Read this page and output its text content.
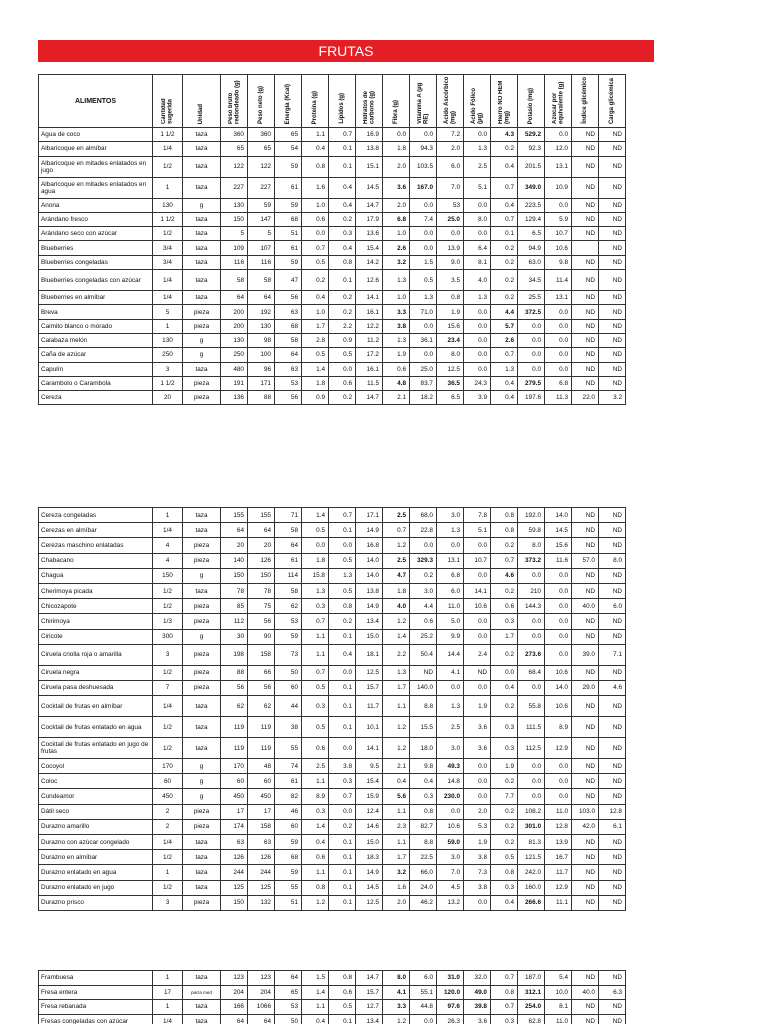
FRUTAS
ALIMENTOS	Cantidad sugerida	Unidad	Peso bruto redondeado (g)	Peso neto (g)	Energía (Kcal)	Proteína (g)	Lípidos (g)	Hidratos de carbono (g)	Fibra (g)	Vitamina A (µg RE)	Ácido Ascórbico (mg)	Ácido Fólico (µg)	Hierro NO HEM (mg)	Potasio (mg)	Azúcar por equivalente (g)	Índice glicémico	Carga glicémica
Agua de coco	1 1/2	taza	360	360	65	1.1	0.7	16.9	0.0	0.0	7.2	0.0	4.3	529.2	0.0	ND	ND
Albaricoque en almíbar	1/4	taza	65	65	54	0.4	0.1	13.8	1.8	94.3	2.0	1.3	0.2	92.3	12.0	ND	ND
Albaricoque en mitades enlatados en jugo	1/2	taza	122	122	59	0.8	0.1	15.1	2.0	103.5	6.0	2.5	0.4	201.5	13.1	ND	ND
Albaricoque en mitades enlatados en agua	1	taza	227	227	61	1.6	0.4	14.5	3.6	167.0	7.0	5.1	0.7	349.0	10.9	ND	ND
Anona	130	g	130	59	59	1.0	0.4	14.7	2.0	0.0	53	0.0	0.4	223.5	0.0	ND	ND
Arándano fresco	1 1/2	taza	150	147	68	0.6	0.2	17.9	6.8	7.4	25.0	8.0	0.7	129.4	5.9	ND	ND
Arándano seco con azúcar	1/2	taza	5	5	51	0.0	0.3	13.6	1.0	0.0	0.0	0.0	0.1	6.5	10.7	ND	ND
Blueberries	3/4	taza	109	107	61	0.7	0.4	15.4	2.6	0.0	13.9	6.4	0.2	94.9	10.6		ND
Blueberries congeladas	3/4	taza	116	116	59	0.5	0.8	14.2	3.2	1.5	9.0	8.1	0.2	63.0	9.8	ND	ND
Blueberries congeladas con azúcar	1/4	taza	58	58	47	0.2	0.1	12.6	1.3	0.5	3.5	4.0	0.2	34.5	11.4	ND	ND
Blueberries en almíbar	1/4	taza	64	64	56	0.4	0.2	14.1	1.0	1.3	0.8	1.3	0.2	25.5	13.1	ND	ND
Breva	5	pieza	200	192	63	1.0	0.2	16.1	3.3	71.0	1.9	0.0	4.4	372.5	0.0	ND	ND
Caimito blanco o morado	1	pieza	200	130	68	1.7	2.2	12.2	3.8	0.0	15.6	0.0	5.7	0.0	0.0	ND	ND
Calabaza melón	130	g	130	98	58	2.8	0.9	11.2	1.3	36.1	23.4	0.0	2.6	0.0	0.0	ND	ND
Caña de azúcar	250	g	250	100	64	0.5	0.5	17.2	1.9	0.0	8.0	0.0	0.7	0.0	0.0	ND	ND
Capulín	3	taza	480	96	63	1.4	0.0	16.1	0.6	25.0	12.5	0.0	1.3	0.0	0.0	ND	ND
Carambolo o Carambola	1 1/2	pieza	191	171	53	1.8	0.6	11.5	4.8	83.7	36.5	24.3	0.4	279.5	6.8	ND	ND
Cereza	20	pieza	136	88	56	0.9	0.2	14.7	2.1	18.2	6.5	3.9	0.4	197.6	11.3	22.0	3.2
Cereza congeladas	1	taza	155	155	71	1.4	0.7	17.1	2.5	68.0	3.0	7.8	0.8	192.0	14.0	ND	ND
Cerezas en almíbar	1/4	taza	64	64	58	0.5	0.1	14.9	0.7	22.8	1.3	5.1	0.8	59.8	14.5	ND	ND
Cerezas maschino enlatadas	4	pieza	20	20	64	0.0	0.0	16.8	1.2	0.0	0.0	0.0	0.2	8.0	15.6	ND	ND
Chabacano	4	pieza	140	126	61	1.8	0.5	14.0	2.5	329.3	13.1	10.7	0.7	373.2	11.6	57.0	8.0
Chagua	150	g	150	150	114	15.8	1.3	14.0	4.7	0.2	6.8	0.0	4.6	0.0	0.0	ND	ND
Cherimoya picada	1/2	taza	78	78	58	1.3	0.5	13.8	1.8	3.0	6.0	14.1	0.2	210	0.0	ND	ND
Chicozapote	1/2	pieza	85	75	62	0.3	0.8	14.9	4.0	4.4	11.0	10.6	0.6	144.3	0.0	40.0	6.0
Chirimoya	1/3	pieza	112	56	53	0.7	0.2	13.4	1.2	0.6	5.0	0.0	0.3	0.0	0.0	ND	ND
Ciricote	300	g	30	90	59	1.1	0.1	15.0	1.4	25.2	9.9	0.0	1.7	0.0	0.0	ND	ND
Ciruela criolla roja o amarilla	3	pieza	198	158	73	1.1	0.4	18.1	2.2	50.4	14.4	2.4	0.2	273.6	0.0	39.0	7.1
Ciruela negra	1/2	pieza	88	66	50	0.7	0.0	12.5	1.3	ND	4.1	ND	0.0	68.4	10.6	ND	ND
Ciruela pasa deshuesada	7	pieza	56	56	60	0.5	0.1	15.7	1.7	140.0	0.0	0.0	0.4	0.0	14.0	29.0	4.6
Cocktail de frutas en almíbar	1/4	taza	62	62	44	0.3	0.1	11.7	1.1	8.8	1.3	1.9	0.2	55.8	10.6	ND	ND
Cocktail de frutas enlatado en agua	1/2	taza	119	119	38	0.5	0.1	10.1	1.2	15.5	2.5	3.6	0.3	111.5	8.9	ND	ND
Cocktail de frutas enlatado en jugo de frutas	1/2	taza	119	119	55	0.6	0.0	14.1	1.2	18.0	3.0	3.6	0.3	112.5	12.9	ND	ND
Cocoyol	170	g	170	48	74	2.5	3.8	9.5	2.1	9.8	49.3	0.0	1.9	0.0	0.0	ND	ND
Coloc	60	g	60	60	61	1.1	0.3	15.4	0.4	0.4	14.8	0.0	0.2	0.0	0.0	ND	ND
Cundeamor	450	g	450	450	82	8.9	0.7	15.9	5.6	0.3	230.0	0.0	7.7	0.0	0.0	ND	ND
Dátil seco	2	pieza	17	17	46	0.3	0.0	12.4	1.1	0.8	0.0	2.0	0.2	108.2	11.0	103.0	12.8
Durazno amarillo	2	pieza	174	158	60	1.4	0.2	14.6	2.3	82.7	10.6	5.3	0.2	301.0	12.8	42.0	6.1
Durazno con azúcar congelado	1/4	taza	63	63	59	0.4	0.1	15.0	1.1	8.8	59.0	1.9	0.2	81.3	13.9	ND	ND
Durazno en almíbar	1/2	taza	126	126	68	0.6	0.1	18.3	1.7	22.5	3.0	3.8	0.5	121.5	16.7	ND	ND
Durazno enlatado en agua	1	taza	244	244	59	1.1	0.1	14.9	3.2	66.0	7.0	7.3	0.8	242.0	11.7	ND	ND
Durazno enlatado en jugo	1/2	taza	125	125	55	0.8	0.1	14.5	1.6	24.0	4.5	3.8	0.3	160.0	12.9	ND	ND
Durazno prisco	3	pieza	150	132	51	1.2	0.1	12.5	2.0	46.2	13.2	0.0	0.4	266.6	11.1	ND	ND
Frambuesa	1	taza	123	123	64	1.5	0.8	14.7	8.0	6.0	31.0	32.0	0.7	187.0	5.4	ND	ND
Fresa entera	17	pieza med	204	204	65	1.4	0.6	15.7	4.1	55.1	120.0	49.0	0.8	312.1	10.0	40.0	6.3
Fresa rebanada	1	taza	166	1066	53	1.1	0.5	12.7	3.3	44.8	97.6	39.8	0.7	254.0	8.1	ND	ND
Fresas congeladas con azúcar	1/4	taza	64	64	50	0.4	0.1	13.4	1.2	0.0	26.3	3.6	0.3	62.8	11.0	ND	ND
